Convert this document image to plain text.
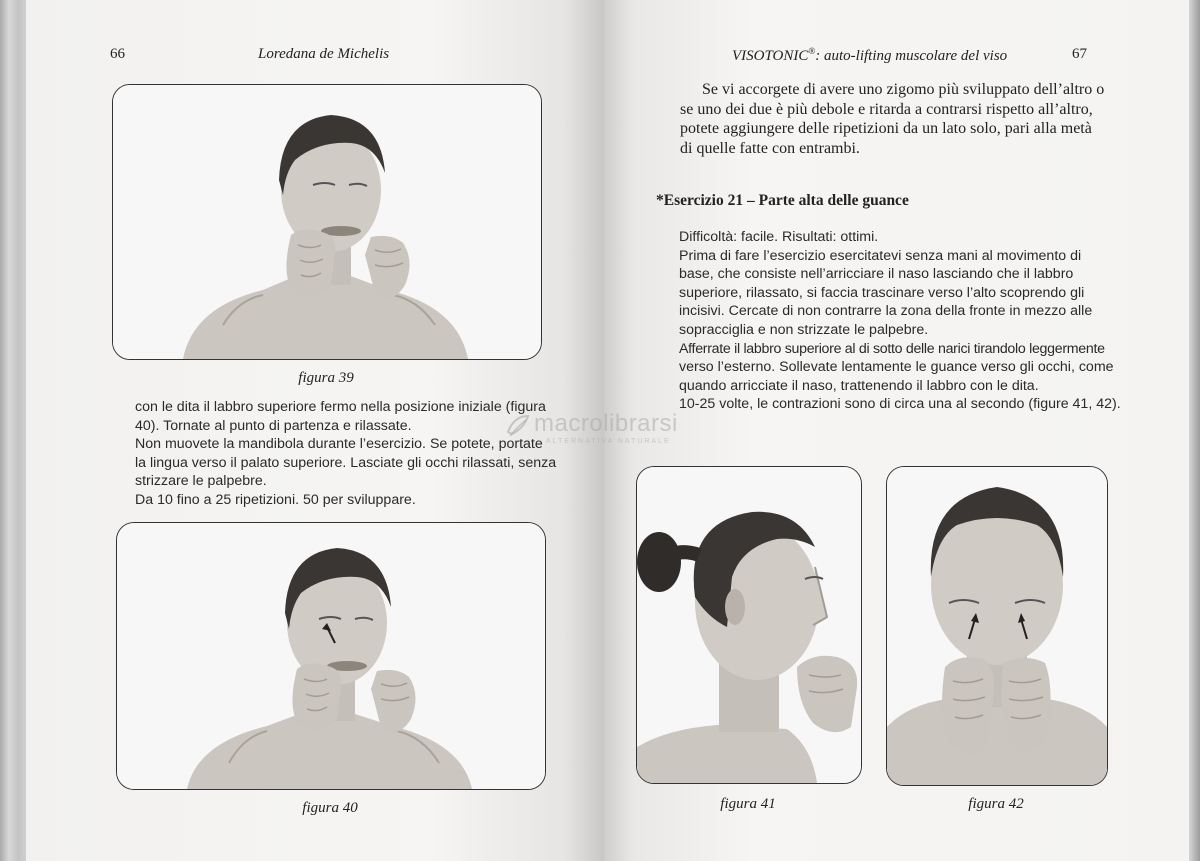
66	Loredana de Michelis
figura 39
con le dita il labbro superiore fermo nella posizione iniziale (figura
40). Tornate al punto di partenza e rilassate.
Non muovete la mandibola durante l’esercizio. Se potete, portate
la lingua verso il palato superiore. Lasciate gli occhi rilassati, senza
strizzare le palpebre.
Da 10 fino a 25 ripetizioni. 50 per sviluppare.
figura 40
VISOTONIC®: auto-lifting muscolare del viso	67
Se vi accorgete di avere uno zigomo più sviluppato dell’altro o
se uno dei due è più debole e ritarda a contrarsi rispetto all’altro,
potete aggiungere delle ripetizioni da un lato solo, pari alla metà
di quelle fatte con entrambi.
*Esercizio 21 – Parte alta delle guance
Difficoltà: facile. Risultati: ottimi.
Prima di fare l’esercizio esercitatevi senza mani al movimento di
base, che consiste nell’arricciare il naso lasciando che il labbro
superiore, rilassato, si faccia trascinare verso l’alto scoprendo gli
incisivi. Cercate di non contrarre la zona della fronte in mezzo alle
sopracciglia e non strizzate le palpebre.
Afferrate il labbro superiore al di sotto delle narici tirandolo leggermente
verso l’esterno. Sollevate lentamente le guance verso gli occhi, come
quando arricciate il naso, trattenendo il labbro con le dita.
10-25 volte, le contrazioni sono di circa una al secondo (figure 41, 42).
figura 41	figura 42
macrolibrarsi
ALTERNATIVA NATURALE
